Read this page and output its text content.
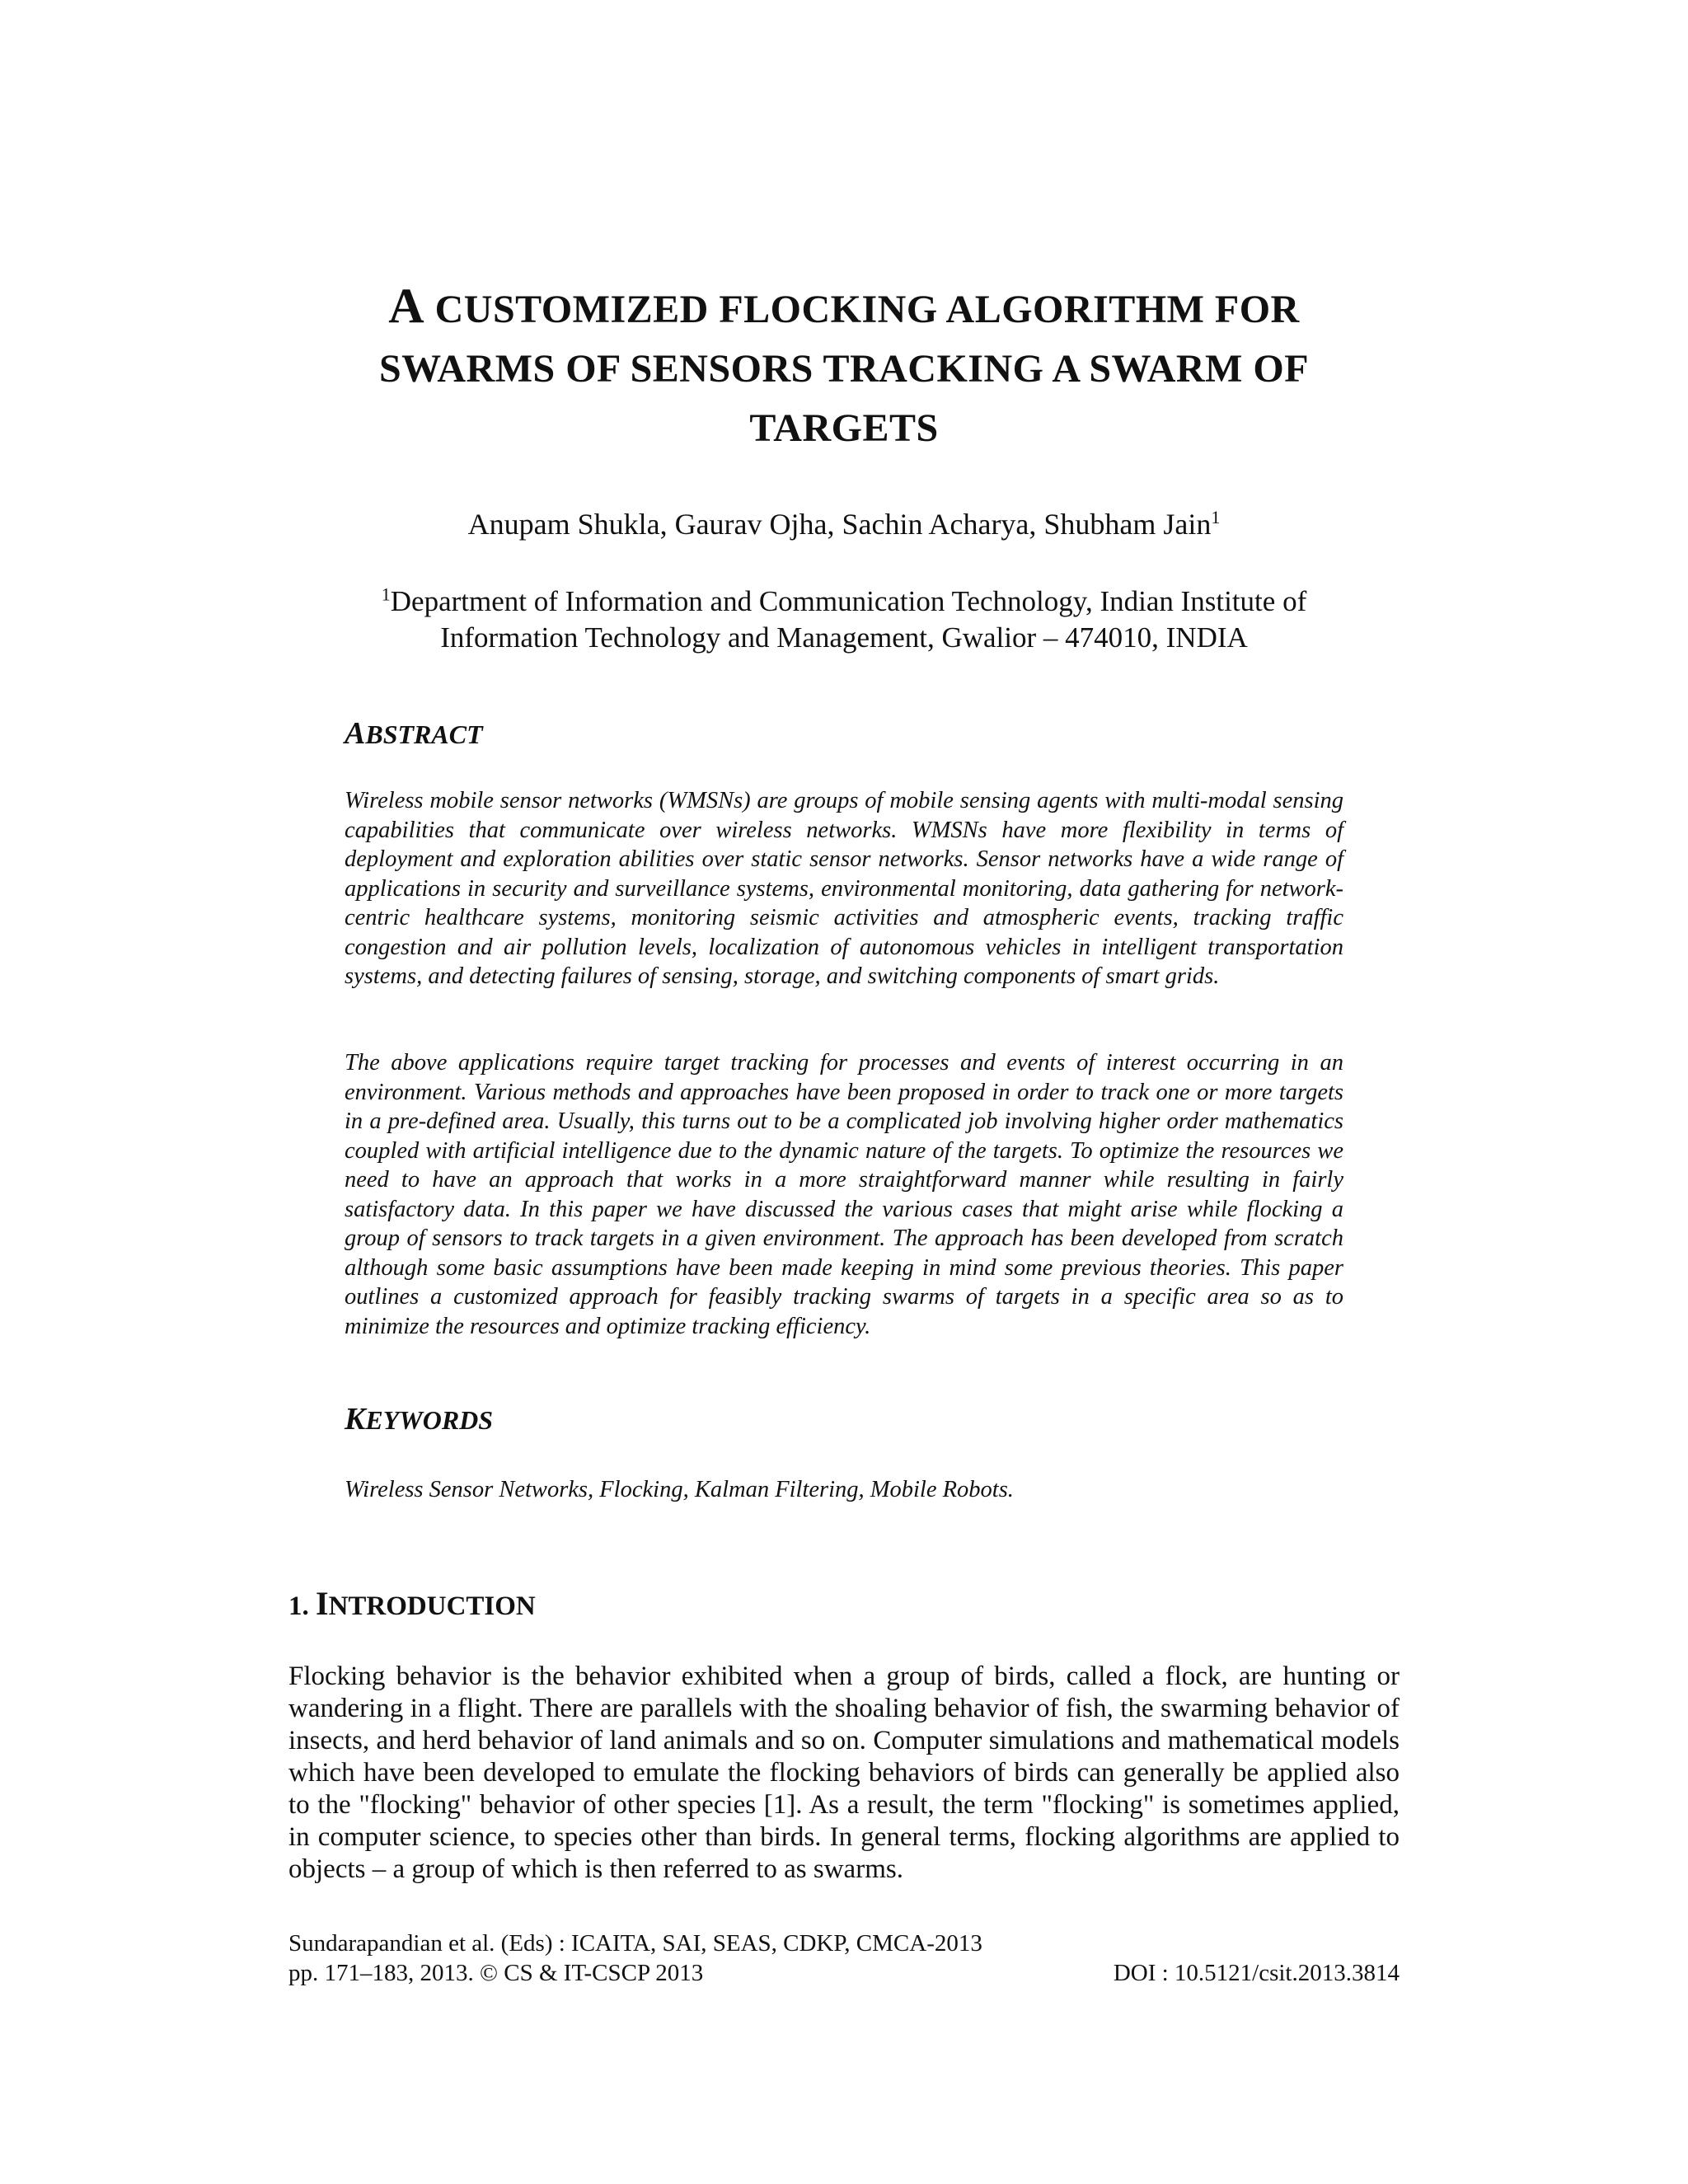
A CUSTOMIZED FLOCKING ALGORITHM FOR
SWARMS OF SENSORS TRACKING A SWARM OF
TARGETS
Anupam Shukla, Gaurav Ojha, Sachin Acharya, Shubham Jain$^1$
$^1$Department of Information and Communication Technology, Indian Institute of
Information Technology and Management, Gwalior – 474010, INDIA
ABSTRACT
Wireless mobile sensor networks (WMSNs) are groups of mobile sensing agents with multi-modal sensing capabilities that communicate over wireless networks. WMSNs have more flexibility in terms of deployment and exploration abilities over static sensor networks. Sensor networks have a wide range of applications in security and surveillance systems, environmental monitoring, data gathering for network-centric healthcare systems, monitoring seismic activities and atmospheric events, tracking traffic congestion and air pollution levels, localization of autonomous vehicles in intelligent transportation systems, and detecting failures of sensing, storage, and switching components of smart grids.
The above applications require target tracking for processes and events of interest occurring in an environment. Various methods and approaches have been proposed in order to track one or more targets in a pre-defined area. Usually, this turns out to be a complicated job involving higher order mathematics coupled with artificial intelligence due to the dynamic nature of the targets. To optimize the resources we need to have an approach that works in a more straightforward manner while resulting in fairly satisfactory data. In this paper we have discussed the various cases that might arise while flocking a group of sensors to track targets in a given environment. The approach has been developed from scratch although some basic assumptions have been made keeping in mind some previous theories. This paper outlines a customized approach for feasibly tracking swarms of targets in a specific area so as to minimize the resources and optimize tracking efficiency.
KEYWORDS
Wireless Sensor Networks, Flocking, Kalman Filtering, Mobile Robots.
1. INTRODUCTION
Flocking behavior is the behavior exhibited when a group of birds, called a flock, are hunting or wandering in a flight. There are parallels with the shoaling behavior of fish, the swarming behavior of insects, and herd behavior of land animals and so on. Computer simulations and mathematical models which have been developed to emulate the flocking behaviors of birds can generally be applied also to the "flocking" behavior of other species [1]. As a result, the term "flocking" is sometimes applied, in computer science, to species other than birds. In general terms, flocking algorithms are applied to objects – a group of which is then referred to as swarms.
Sundarapandian et al. (Eds) : ICAITA, SAI, SEAS, CDKP, CMCA-2013
pp. 171–183, 2013. © CS & IT-CSCP 2013	DOI : 10.5121/csit.2013.3814
